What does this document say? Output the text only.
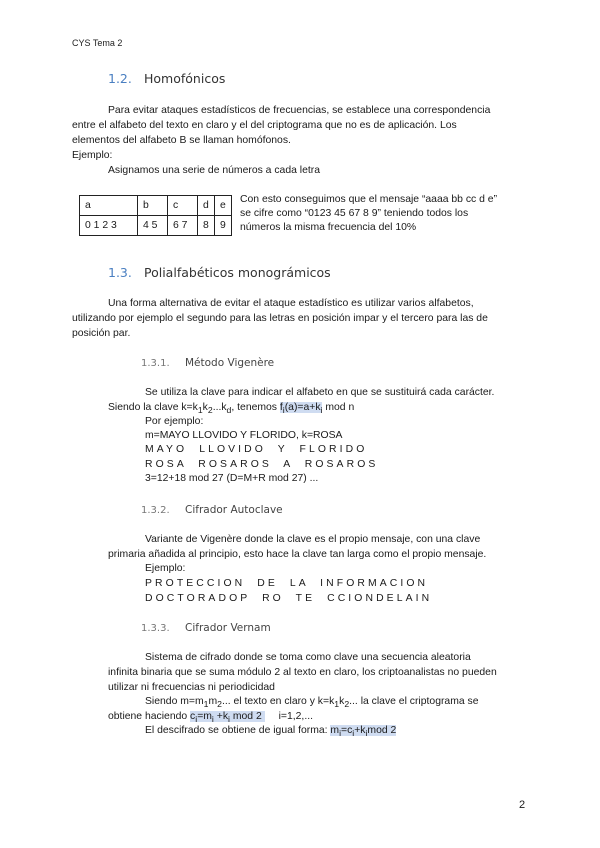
CYS Tema 2
1.2. Homofónicos
Para evitar ataques estadísticos de frecuencias, se establece una correspondencia
entre el alfabeto del texto en claro y el del criptograma que no es de aplicación. Los
elementos del alfabeto B se llaman homófonos.
Ejemplo:
Asignamos una serie de números a cada letra
a	b	c	d	e
0 1 2 3	4 5	6 7	8	9
Con esto conseguimos que el mensaje “aaaa bb cc d e”
se cifre como “0123 45 67 8 9” teniendo todos los
números la misma frecuencia del 10%
1.3. Polialfabéticos monográmicos
Una forma alternativa de evitar el ataque estadístico es utilizar varios alfabetos,
utilizando por ejemplo el segundo para las letras en posición impar y el tercero para las de
posición par.
1.3.1. Método Vigenère
Se utiliza la clave para indicar el alfabeto en que se sustituirá cada carácter.
Siendo la clave $k=k_1k_2...k_d$, tenemos $f_i(a)=a+k_i$ mod n
Por ejemplo:
m=MAYO LLOVIDO Y FLORIDO, k=ROSA
MAYO  LLOVIDO  Y  FLORIDO
ROSA  ROSAROS  A  ROSAROS
3=12+18 mod 27 (D=M+R mod 27) ...
1.3.2. Cifrador Autoclave
Variante de Vigenère donde la clave es el propio mensaje, con una clave
primaria añadida al principio, esto hace la clave tan larga como el propio mensaje.
Ejemplo:
PROTECCION  DE  LA  INFORMACION
DOCTORADOP  RO  TE  CCIONDELAIN
1.3.3. Cifrador Vernam
Sistema de cifrado donde se toma como clave una secuencia aleatoria
infinita binaria que se suma módulo 2 al texto en claro, los criptoanalistas no pueden
utilizar ni frecuencias ni periodicidad
Siendo $m=m_1m_2$... el texto en claro y $k=k_1k_2$... la clave el criptograma se
obtiene haciendo $c_i=m_i +k_i$ mod 2 i=1,2,...
El descifrado se obtiene de igual forma: $m_i=c_i+k_imod$ 2
2
